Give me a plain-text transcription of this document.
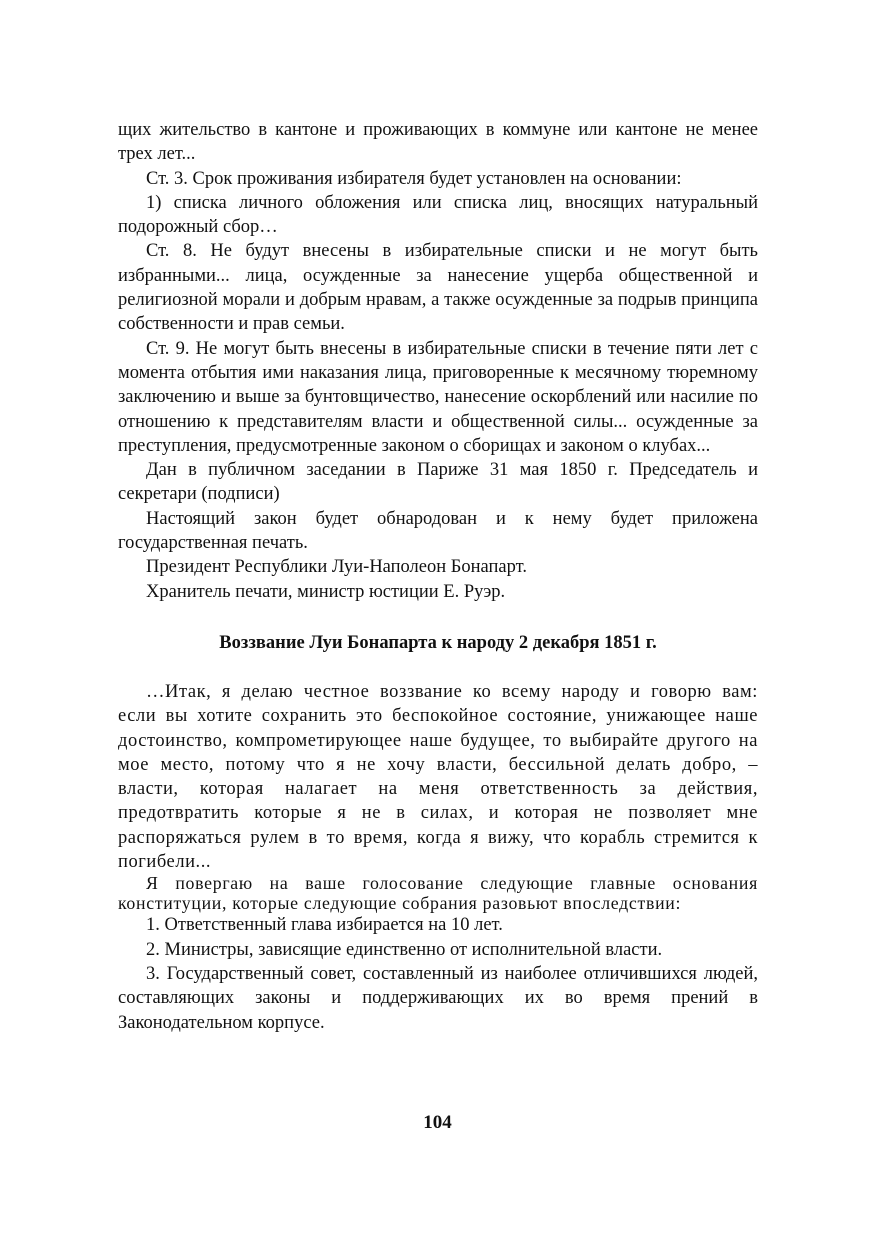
щих жительство в кантоне и проживающих в коммуне или кантоне не менее трех лет...

Ст. 3. Срок проживания избирателя будет установлен на основании:

1) списка личного обложения или списка лиц, вносящих натуральный подорожный сбор…

Ст. 8. Не будут внесены в избирательные списки и не могут быть избранными... лица, осужденные за нанесение ущерба общественной и религиозной морали и добрым нравам, а также осужденные за подрыв принципа собственности и прав семьи.

Ст. 9. Не могут быть внесены в избирательные списки в течение пяти лет с момента отбытия ими наказания лица, приговоренные к месячному тюремному заключению и выше за бунтовщичество, нанесение оскорблений или насилие по отношению к представителям власти и общественной силы... осужденные за преступления, предусмотренные законом о сборищах и законом о клубах...

Дан в публичном заседании в Париже 31 мая 1850 г. Председатель и секретари (подписи)

Настоящий закон будет обнародован и к нему будет приложена государственная печать.

Президент Республики Луи-Наполеон Бонапарт.

Хранитель печати, министр юстиции Е. Руэр.

Воззвание Луи Бонапарта к народу 2 декабря 1851 г.

…Итак, я делаю честное воззвание ко всему народу и говорю вам: если вы хотите сохранить это беспокойное состояние, унижающее наше достоинство, компрометирующее наше будущее, то выбирайте другого на мое место, потому что я не хочу власти, бессильной делать добро, – власти, которая налагает на меня ответственность за действия, предотвратить которые я не в силах, и которая не позволяет мне распоряжаться рулем в то время, когда я вижу, что корабль стремится к погибели...

Я повергаю на ваше голосование следующие главные основания конституции, которые следующие собрания разовьют впоследствии:

1. Ответственный глава избирается на 10 лет.

2. Министры, зависящие единственно от исполнительной власти.

3. Государственный совет, составленный из наиболее отличившихся людей, составляющих законы и поддерживающих их во время прений в Законодательном корпусе.

104
